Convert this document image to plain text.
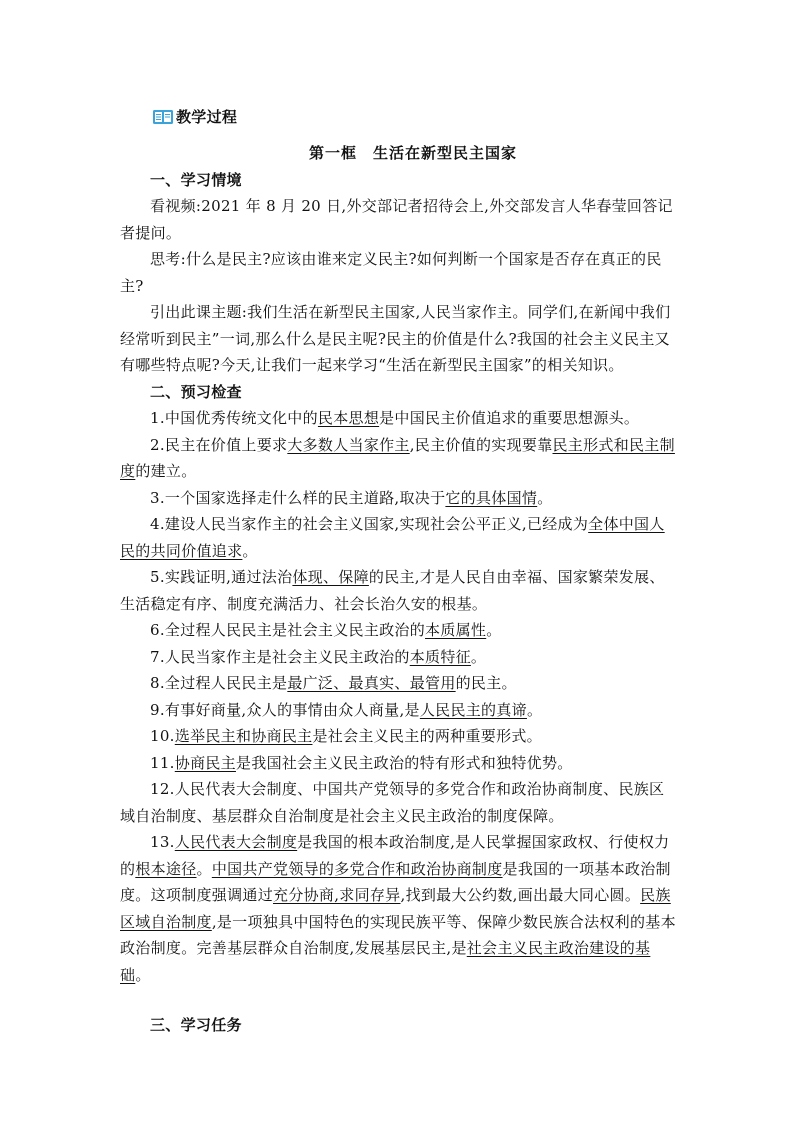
教学过程

第一框　生活在新型民主国家

一、学习情境

看视频:2021 年 8 月 20 日,外交部记者招待会上,外交部发言人华春莹回答记者提问。

思考:什么是民主?应该由谁来定义民主?如何判断一个国家是否存在真正的民主?

引出此课主题:我们生活在新型民主国家,人民当家作主。同学们,在新闻中我们经常听到民主”一词,那么什么是民主呢?民主的价值是什么?我国的社会主义民主又有哪些特点呢?今天,让我们一起来学习“生活在新型民主国家”的相关知识。

二、预习检查

1.中国优秀传统文化中的民本思想是中国民主价值追求的重要思想源头。

2.民主在价值上要求大多数人当家作主,民主价值的实现要靠民主形式和民主制度的建立。

3.一个国家选择走什么样的民主道路,取决于它的具体国情。

4.建设人民当家作主的社会主义国家,实现社会公平正义,已经成为全体中国人民的共同价值追求。

5.实践证明,通过法治体现、保障的民主,才是人民自由幸福、国家繁荣发展、生活稳定有序、制度充满活力、社会长治久安的根基。

6.全过程人民民主是社会主义民主政治的本质属性。

7.人民当家作主是社会主义民主政治的本质特征。

8.全过程人民民主是最广泛、最真实、最管用的民主。

9.有事好商量,众人的事情由众人商量,是人民民主的真谛。

10.选举民主和协商民主是社会主义民主的两种重要形式。

11.协商民主是我国社会主义民主政治的特有形式和独特优势。

12.人民代表大会制度、中国共产党领导的多党合作和政治协商制度、民族区域自治制度、基层群众自治制度是社会主义民主政治的制度保障。

13.人民代表大会制度是我国的根本政治制度,是人民掌握国家政权、行使权力的根本途径。中国共产党领导的多党合作和政治协商制度是我国的一项基本政治制度。这项制度强调通过充分协商,求同存异,找到最大公约数,画出最大同心圆。民族区域自治制度,是一项独具中国特色的实现民族平等、保障少数民族合法权利的基本政治制度。完善基层群众自治制度,发展基层民主,是社会主义民主政治建设的基础。

三、学习任务
